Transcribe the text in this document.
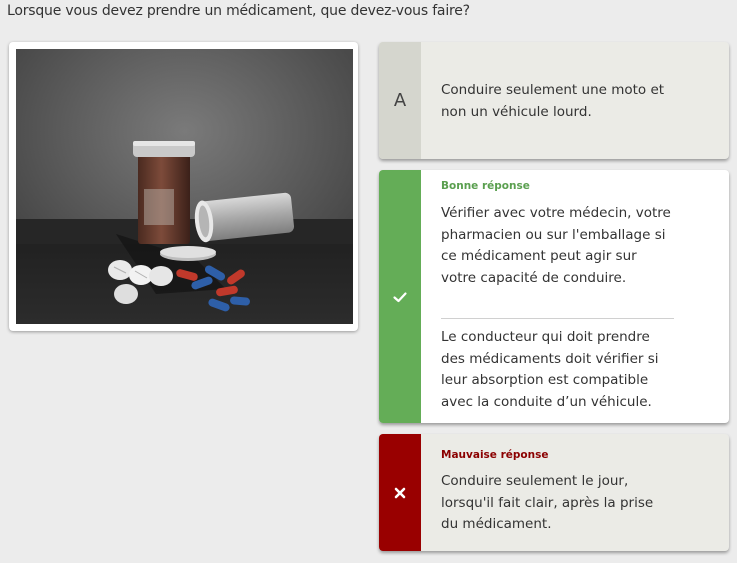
Lorsque vous devez prendre un médicament, que devez-vous faire?
A	Conduire seulement une moto et non un véhicule lourd.
Bonne réponse
Vérifier avec votre médecin, votre pharmacien ou sur l'emballage si ce médicament peut agir sur votre capacité de conduire.
Le conducteur qui doit prendre des médicaments doit vérifier si leur absorption est compatible avec la conduite d’un véhicule.
Mauvaise réponse
Conduire seulement le jour, lorsqu'il fait clair, après la prise du médicament.
